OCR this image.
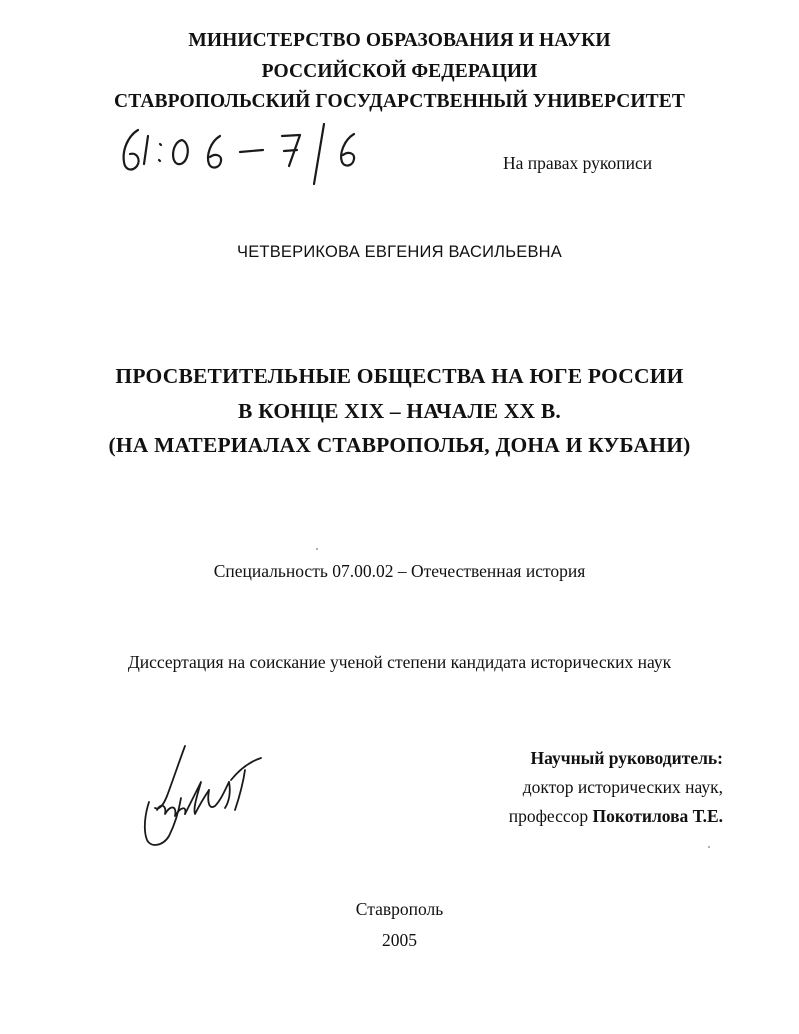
МИНИСТЕРСТВО ОБРАЗОВАНИЯ И НАУКИ
РОССИЙСКОЙ ФЕДЕРАЦИИ
СТАВРОПОЛЬСКИЙ ГОСУДАРСТВЕННЫЙ УНИВЕРСИТЕТ
На правах рукописи
ЧЕТВЕРИКОВА ЕВГЕНИЯ ВАСИЛЬЕВНА
ПРОСВЕТИТЕЛЬНЫЕ ОБЩЕСТВА НА ЮГЕ РОССИИ
В КОНЦЕ XIX – НАЧАЛЕ XX В.
(НА МАТЕРИАЛАХ СТАВРОПОЛЬЯ, ДОНА И КУБАНИ)
Специальность 07.00.02 – Отечественная история
Диссертация на соискание ученой степени кандидата исторических наук
Научный руководитель:
доктор исторических наук,
профессор Покотилова Т.Е.
Ставрополь
2005
